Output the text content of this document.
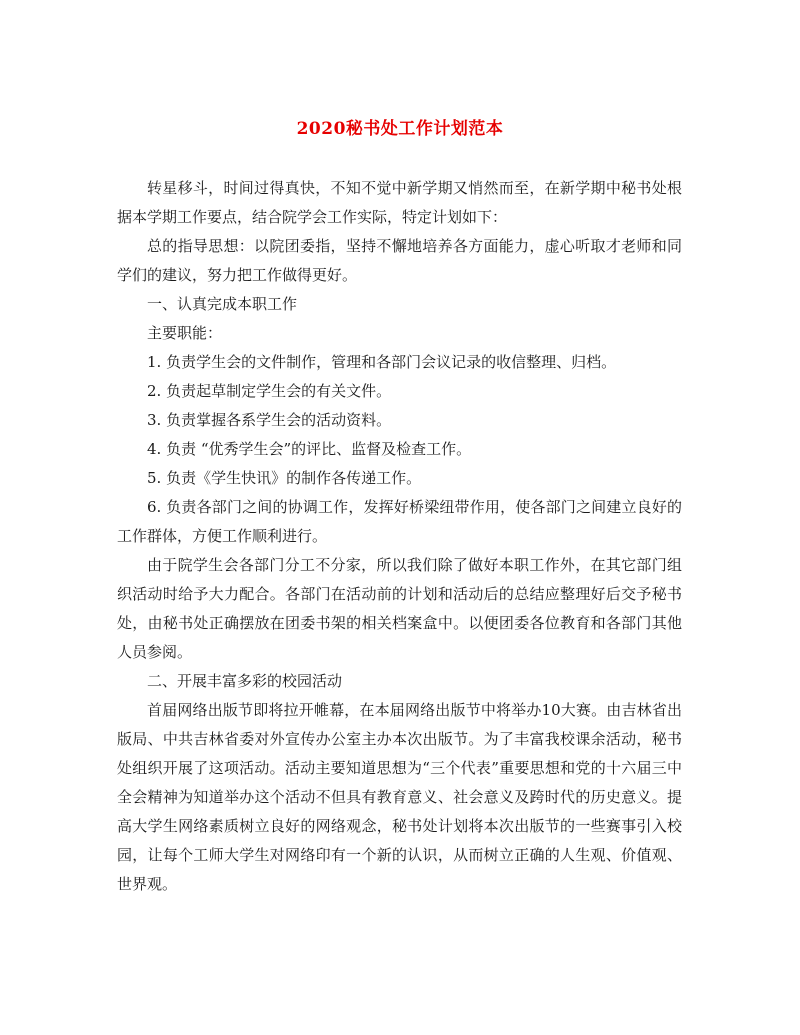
2020秘书处工作计划范本

转星移斗，时间过得真快，不知不觉中新学期又悄然而至，在新学期中秘书处根据本学期工作要点，结合院学会工作实际，特定计划如下：

总的指导思想：以院团委指，坚持不懈地培养各方面能力，虚心听取才老师和同学们的建议，努力把工作做得更好。

一、认真完成本职工作

主要职能：

1. 负责学生会的文件制作，管理和各部门会议记录的收信整理、归档。

2. 负责起草制定学生会的有关文件。

3. 负责掌握各系学生会的活动资料。

4. 负责 “优秀学生会”的评比、监督及检查工作。

5. 负责《学生快讯》的制作各传递工作。

6. 负责各部门之间的协调工作，发挥好桥梁纽带作用，使各部门之间建立良好的工作群体，方便工作顺利进行。

由于院学生会各部门分工不分家，所以我们除了做好本职工作外，在其它部门组织活动时给予大力配合。各部门在活动前的计划和活动后的总结应整理好后交予秘书处，由秘书处正确摆放在团委书架的相关档案盒中。以便团委各位教育和各部门其他人员参阅。

二、开展丰富多彩的校园活动

首届网络出版节即将拉开帷幕，在本届网络出版节中将举办10大赛。由吉林省出版局、中共吉林省委对外宣传办公室主办本次出版节。为了丰富我校课余活动，秘书处组织开展了这项活动。活动主要知道思想为“三个代表”重要思想和党的十六届三中全会精神为知道举办这个活动不但具有教育意义、社会意义及跨时代的历史意义。提高大学生网络素质树立良好的网络观念，秘书处计划将本次出版节的一些赛事引入校园，让每个工师大学生对网络印有一个新的认识，从而树立正确的人生观、价值观、世界观。
